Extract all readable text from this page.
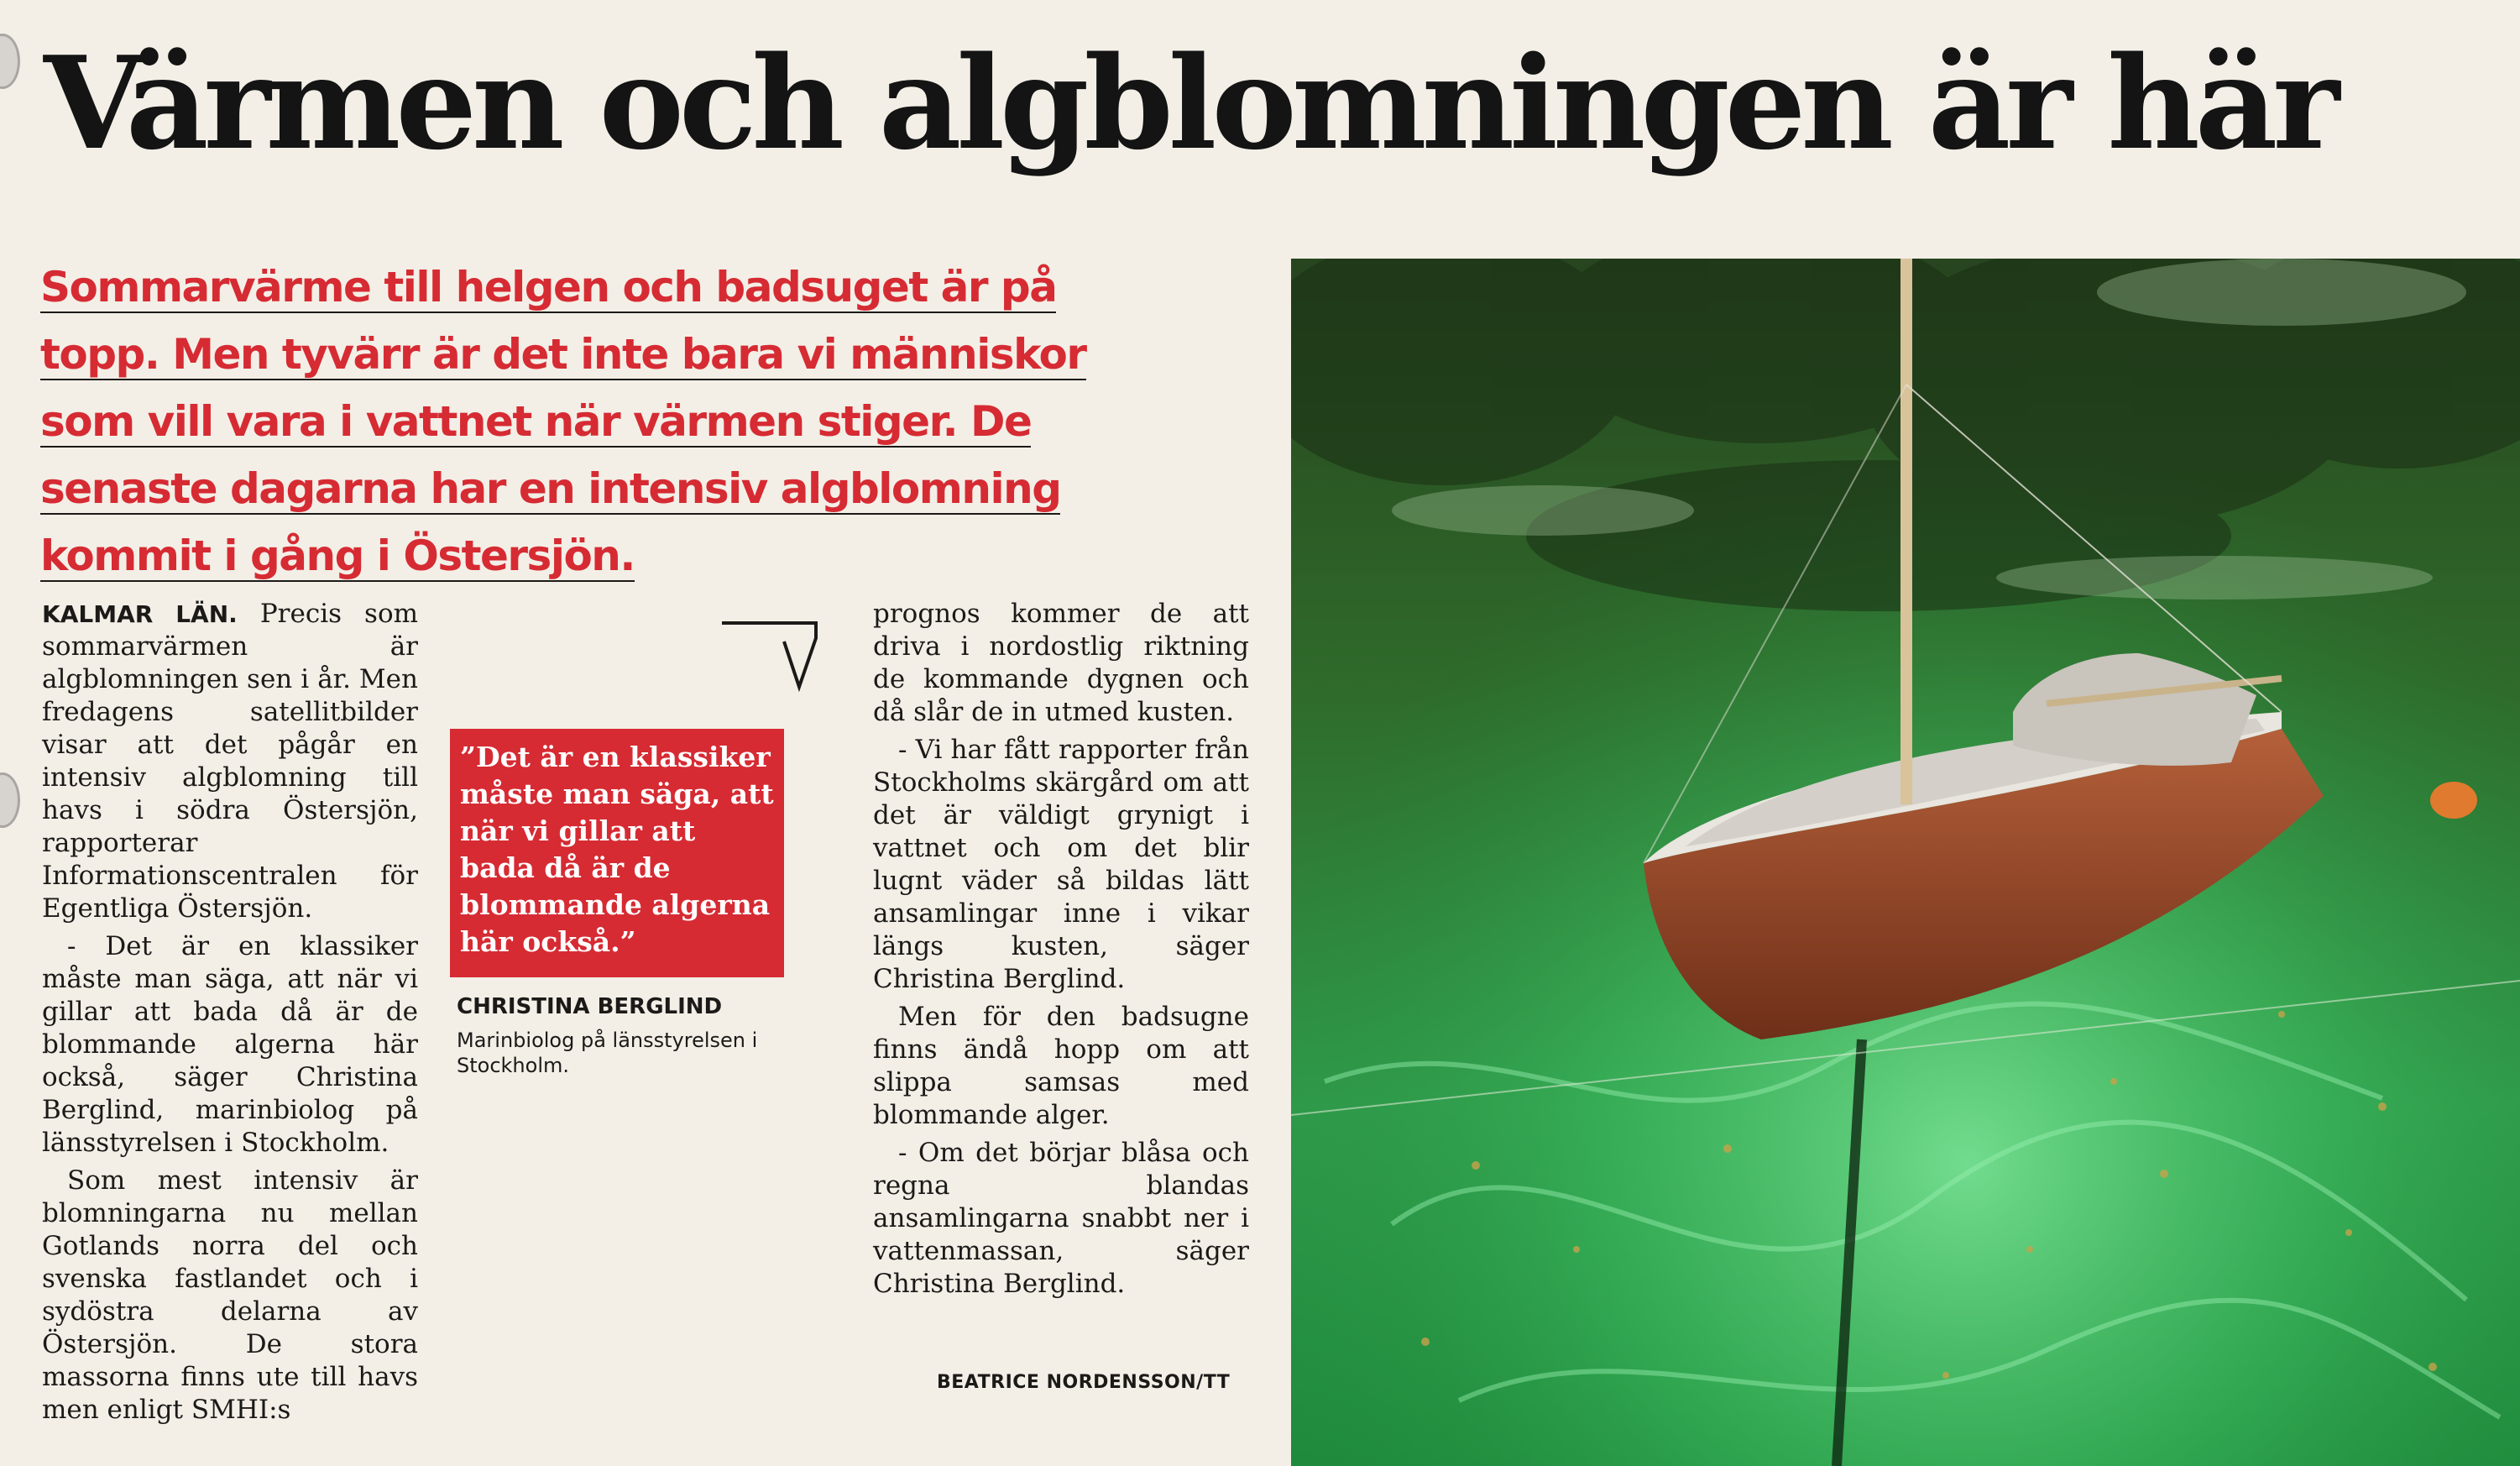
Värmen och algblomningen är här

Sommarvärme till helgen och badsuget är på
topp. Men tyvärr är det inte bara vi människor
som vill vara i vattnet när värmen stiger. De
senaste dagarna har en intensiv algblomning
kommit i gång i Östersjön.

KALMAR LÄN. Precis som sommarvärmen är algblomningen sen i år. Men fredagens satellitbilder visar att det pågår en intensiv algblomning till havs i södra Östersjön, rapporterar Informationscentralen för Egentliga Östersjön.

- Det är en klassiker måste man säga, att när vi gillar att bada då är de blommande algerna här också, säger Christina Berglind, marinbiolog på länsstyrelsen i Stockholm.

Som mest intensiv är blomningarna nu mellan Gotlands norra del och svenska fastlandet och i sydöstra delarna av Östersjön. De stora massorna finns ute till havs men enligt SMHI:s

”Det är en klassiker måste man säga, att när vi gillar att bada då är de blommande algerna här också.”
CHRISTINA BERGLIND
Marinbiolog på länsstyrelsen i Stockholm.

prognos kommer de att driva i nordostlig riktning de kommande dygnen och då slår de in utmed kusten.

- Vi har fått rapporter från Stockholms skärgård om att det är väldigt grynigt i vattnet och om det blir lugnt väder så bildas lätt ansamlingar inne i vikar längs kusten, säger Christina Berglind.

Men för den badsugne finns ändå hopp om att slippa samsas med blommande alger.

- Om det börjar blåsa och regna blandas ansamlingarna snabbt ner i vattenmassan, säger Christina Berglind.

BEATRICE NORDENSSON/TT
